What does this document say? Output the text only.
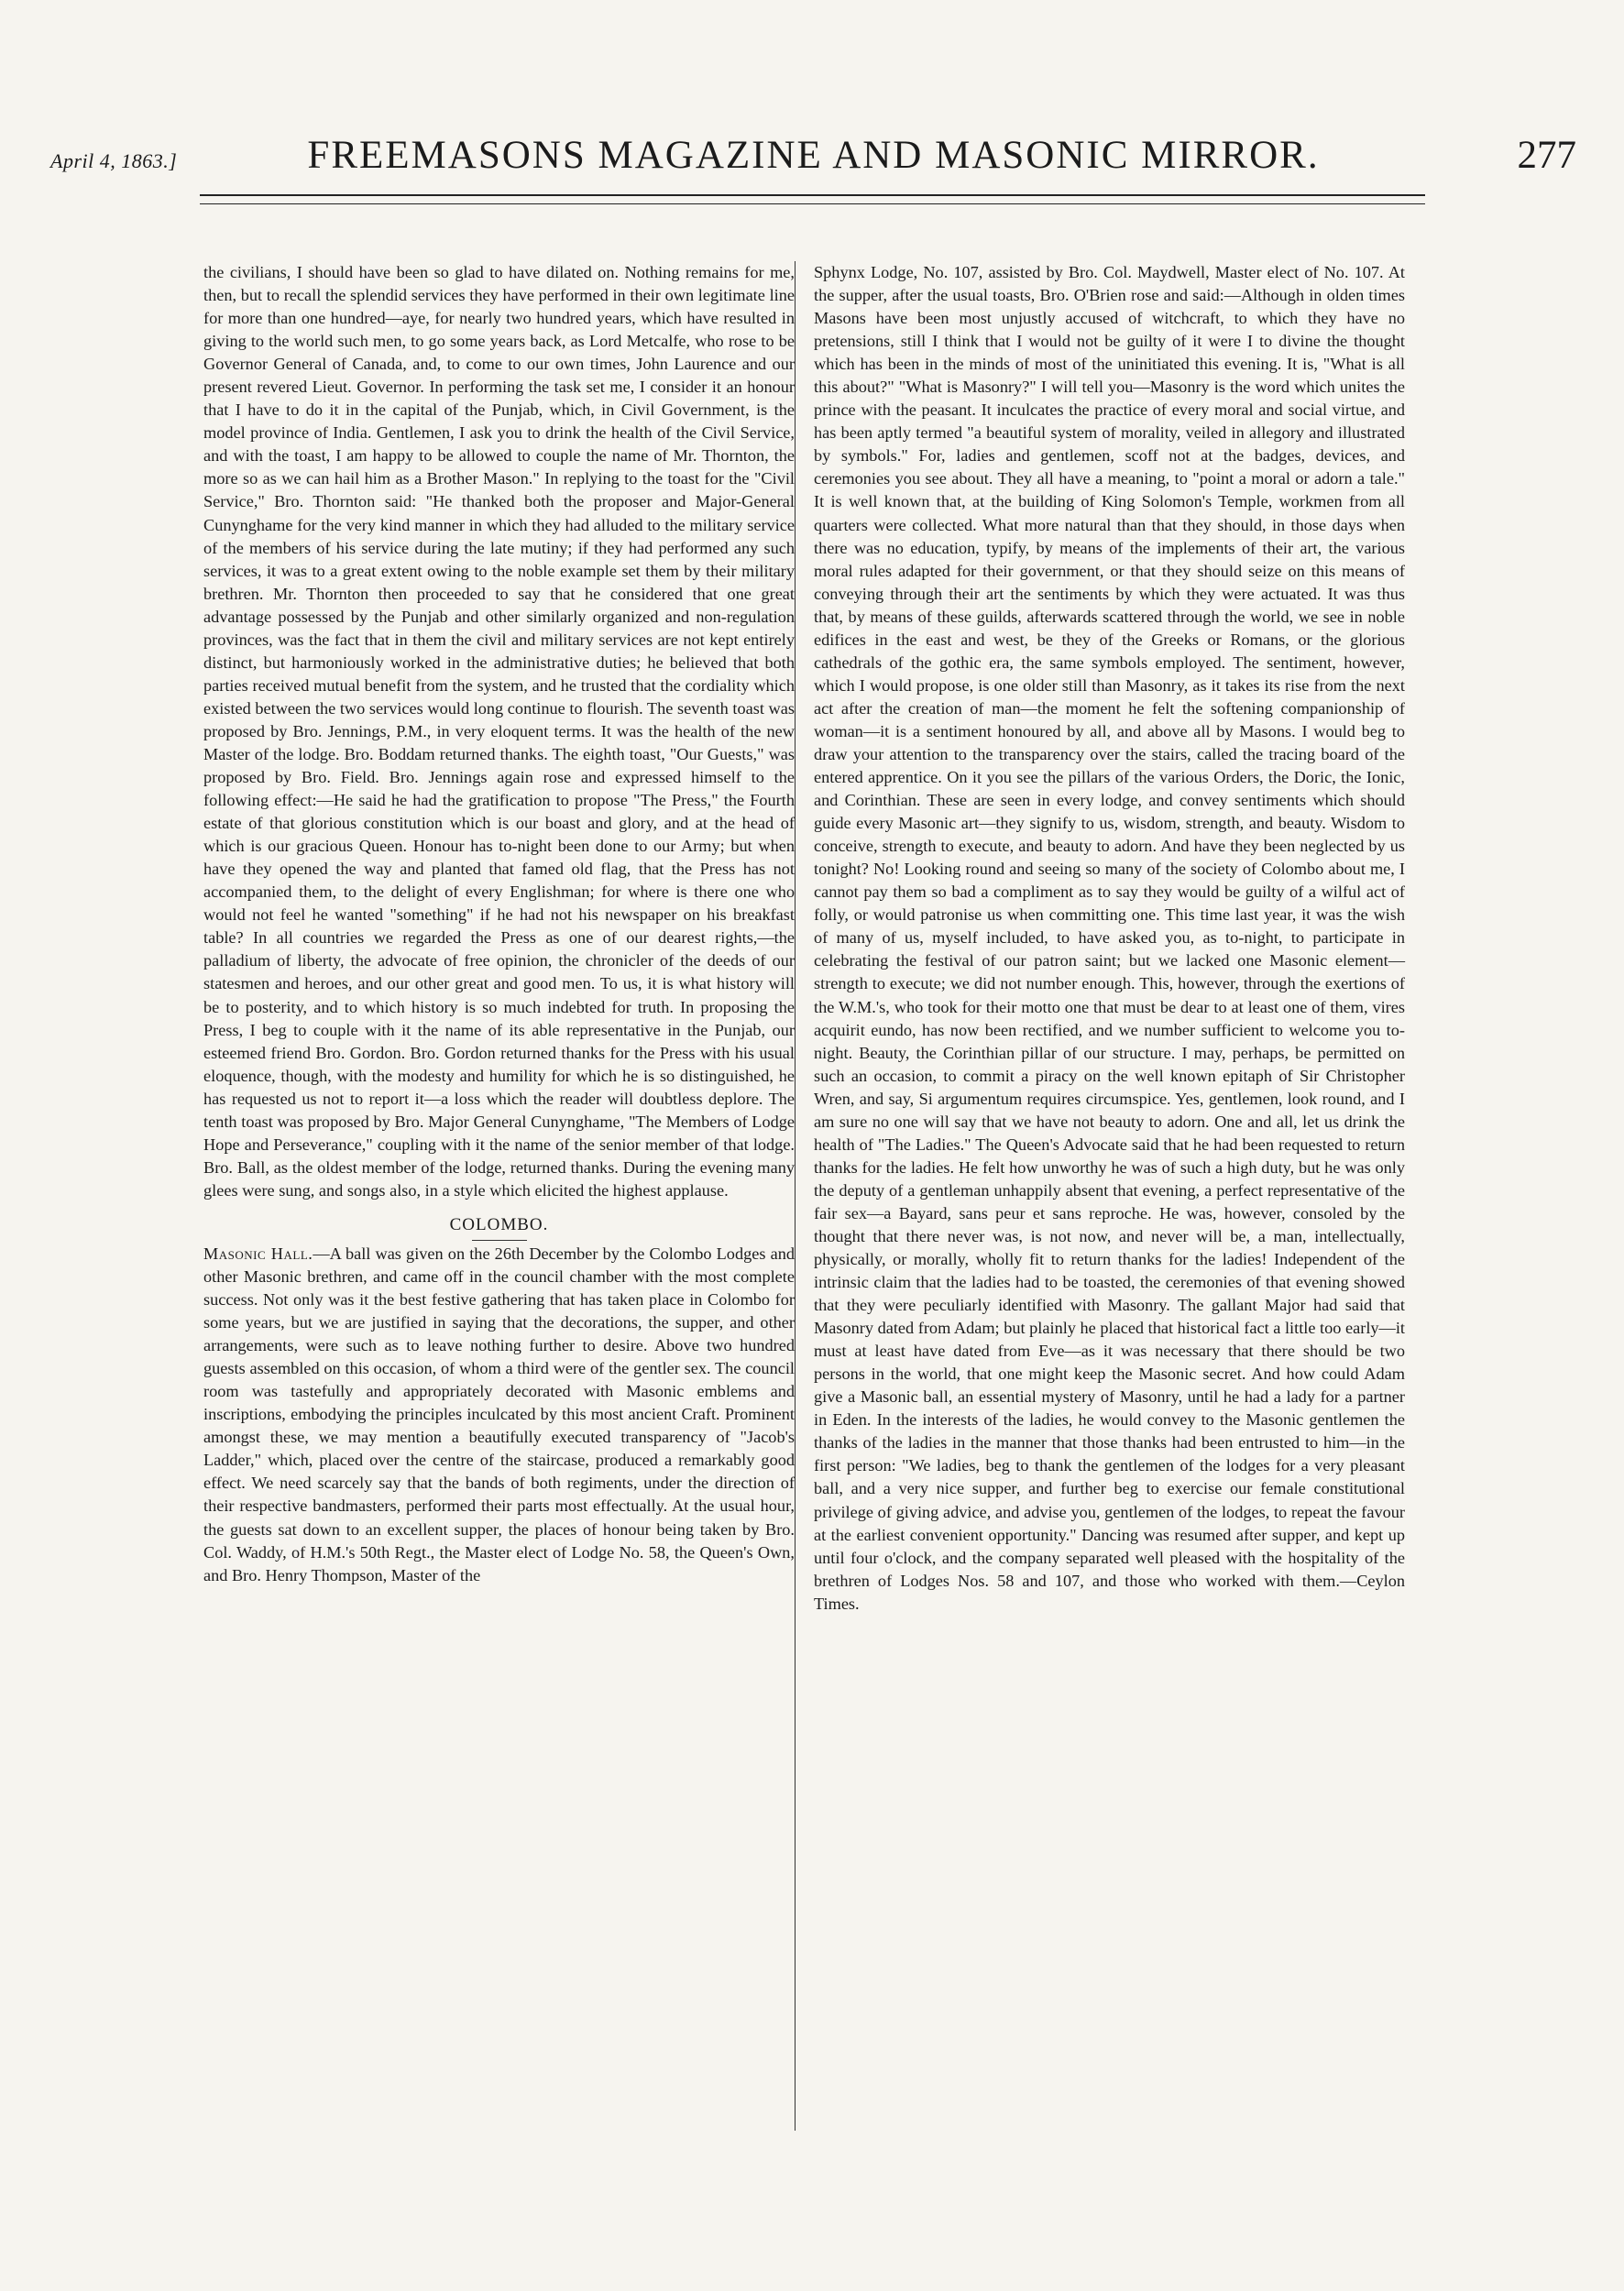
April 4, 1863.]	FREEMASONS MAGAZINE AND MASONIC MIRROR.	277

the civilians, I should have been so glad to have dilated on. Nothing remains for me, then, but to recall the splendid services they have performed in their own legitimate line for more than one hundred—aye, for nearly two hundred years, which have resulted in giving to the world such men, to go some years back, as Lord Metcalfe, who rose to be Governor General of Canada, and, to come to our own times, John Laurence and our present revered Lieut. Governor. In performing the task set me, I consider it an honour that I have to do it in the capital of the Punjab, which, in Civil Government, is the model province of India. Gentlemen, I ask you to drink the health of the Civil Service, and with the toast, I am happy to be allowed to couple the name of Mr. Thornton, the more so as we can hail him as a Brother Mason." In replying to the toast for the "Civil Service," Bro. Thornton said: "He thanked both the proposer and Major-General Cunynghame for the very kind manner in which they had alluded to the military service of the members of his service during the late mutiny; if they had performed any such services, it was to a great extent owing to the noble example set them by their military brethren. Mr. Thornton then proceeded to say that he considered that one great advantage possessed by the Punjab and other similarly organized and non-regulation provinces, was the fact that in them the civil and military services are not kept entirely distinct, but harmoniously worked in the administrative duties; he believed that both parties received mutual benefit from the system, and he trusted that the cordiality which existed between the two services would long continue to flourish. The seventh toast was proposed by Bro. Jennings, P.M., in very eloquent terms. It was the health of the new Master of the lodge. Bro. Boddam returned thanks. The eighth toast, "Our Guests," was proposed by Bro. Field. Bro. Jennings again rose and expressed himself to the following effect:—He said he had the gratification to propose "The Press," the Fourth estate of that glorious constitution which is our boast and glory, and at the head of which is our gracious Queen. Honour has to-night been done to our Army; but when have they opened the way and planted that famed old flag, that the Press has not accompanied them, to the delight of every Englishman; for where is there one who would not feel he wanted "something" if he had not his newspaper on his breakfast table? In all countries we regarded the Press as one of our dearest rights,—the palladium of liberty, the advocate of free opinion, the chronicler of the deeds of our statesmen and heroes, and our other great and good men. To us, it is what history will be to posterity, and to which history is so much indebted for truth. In proposing the Press, I beg to couple with it the name of its able representative in the Punjab, our esteemed friend Bro. Gordon. Bro. Gordon returned thanks for the Press with his usual eloquence, though, with the modesty and humility for which he is so distinguished, he has requested us not to report it—a loss which the reader will doubtless deplore. The tenth toast was proposed by Bro. Major General Cunynghame, "The Members of Lodge Hope and Perseverance," coupling with it the name of the senior member of that lodge. Bro. Ball, as the oldest member of the lodge, returned thanks. During the evening many glees were sung, and songs also, in a style which elicited the highest applause.

COLOMBO.

Masonic Hall.—A ball was given on the 26th December by the Colombo Lodges and other Masonic brethren, and came off in the council chamber with the most complete success. Not only was it the best festive gathering that has taken place in Colombo for some years, but we are justified in saying that the decorations, the supper, and other arrangements, were such as to leave nothing further to desire. Above two hundred guests assembled on this occasion, of whom a third were of the gentler sex. The council room was tastefully and appropriately decorated with Masonic emblems and inscriptions, embodying the principles inculcated by this most ancient Craft. Prominent amongst these, we may mention a beautifully executed transparency of "Jacob's Ladder," which, placed over the centre of the staircase, produced a remarkably good effect. We need scarcely say that the bands of both regiments, under the direction of their respective bandmasters, performed their parts most effectually. At the usual hour, the guests sat down to an excellent supper, the places of honour being taken by Bro. Col. Waddy, of H.M.'s 50th Regt., the Master elect of Lodge No. 58, the Queen's Own, and Bro. Henry Thompson, Master of the

Sphynx Lodge, No. 107, assisted by Bro. Col. Maydwell, Master elect of No. 107. At the supper, after the usual toasts, Bro. O'Brien rose and said:—Although in olden times Masons have been most unjustly accused of witchcraft, to which they have no pretensions, still I think that I would not be guilty of it were I to divine the thought which has been in the minds of most of the uninitiated this evening. It is, "What is all this about?" "What is Masonry?" I will tell you—Masonry is the word which unites the prince with the peasant. It inculcates the practice of every moral and social virtue, and has been aptly termed "a beautiful system of morality, veiled in allegory and illustrated by symbols." For, ladies and gentlemen, scoff not at the badges, devices, and ceremonies you see about. They all have a meaning, to "point a moral or adorn a tale." It is well known that, at the building of King Solomon's Temple, workmen from all quarters were collected. What more natural than that they should, in those days when there was no education, typify, by means of the implements of their art, the various moral rules adapted for their government, or that they should seize on this means of conveying through their art the sentiments by which they were actuated. It was thus that, by means of these guilds, afterwards scattered through the world, we see in noble edifices in the east and west, be they of the Greeks or Romans, or the glorious cathedrals of the gothic era, the same symbols employed. The sentiment, however, which I would propose, is one older still than Masonry, as it takes its rise from the next act after the creation of man—the moment he felt the softening companionship of woman—it is a sentiment honoured by all, and above all by Masons. I would beg to draw your attention to the transparency over the stairs, called the tracing board of the entered apprentice. On it you see the pillars of the various Orders, the Doric, the Ionic, and Corinthian. These are seen in every lodge, and convey sentiments which should guide every Masonic art—they signify to us, wisdom, strength, and beauty. Wisdom to conceive, strength to execute, and beauty to adorn. And have they been neglected by us tonight? No! Looking round and seeing so many of the society of Colombo about me, I cannot pay them so bad a compliment as to say they would be guilty of a wilful act of folly, or would patronise us when committing one. This time last year, it was the wish of many of us, myself included, to have asked you, as to-night, to participate in celebrating the festival of our patron saint; but we lacked one Masonic element—strength to execute; we did not number enough. This, however, through the exertions of the W.M.'s, who took for their motto one that must be dear to at least one of them, vires acquirit eundo, has now been rectified, and we number sufficient to welcome you to-night. Beauty, the Corinthian pillar of our structure. I may, perhaps, be permitted on such an occasion, to commit a piracy on the well known epitaph of Sir Christopher Wren, and say, Si argumentum requires circumspice. Yes, gentlemen, look round, and I am sure no one will say that we have not beauty to adorn. One and all, let us drink the health of "The Ladies." The Queen's Advocate said that he had been requested to return thanks for the ladies. He felt how unworthy he was of such a high duty, but he was only the deputy of a gentleman unhappily absent that evening, a perfect representative of the fair sex—a Bayard, sans peur et sans reproche. He was, however, consoled by the thought that there never was, is not now, and never will be, a man, intellectually, physically, or morally, wholly fit to return thanks for the ladies! Independent of the intrinsic claim that the ladies had to be toasted, the ceremonies of that evening showed that they were peculiarly identified with Masonry. The gallant Major had said that Masonry dated from Adam; but plainly he placed that historical fact a little too early—it must at least have dated from Eve—as it was necessary that there should be two persons in the world, that one might keep the Masonic secret. And how could Adam give a Masonic ball, an essential mystery of Masonry, until he had a lady for a partner in Eden. In the interests of the ladies, he would convey to the Masonic gentlemen the thanks of the ladies in the manner that those thanks had been entrusted to him—in the first person: "We ladies, beg to thank the gentlemen of the lodges for a very pleasant ball, and a very nice supper, and further beg to exercise our female constitutional privilege of giving advice, and advise you, gentlemen of the lodges, to repeat the favour at the earliest convenient opportunity." Dancing was resumed after supper, and kept up until four o'clock, and the company separated well pleased with the hospitality of the brethren of Lodges Nos. 58 and 107, and those who worked with them.—Ceylon Times.
